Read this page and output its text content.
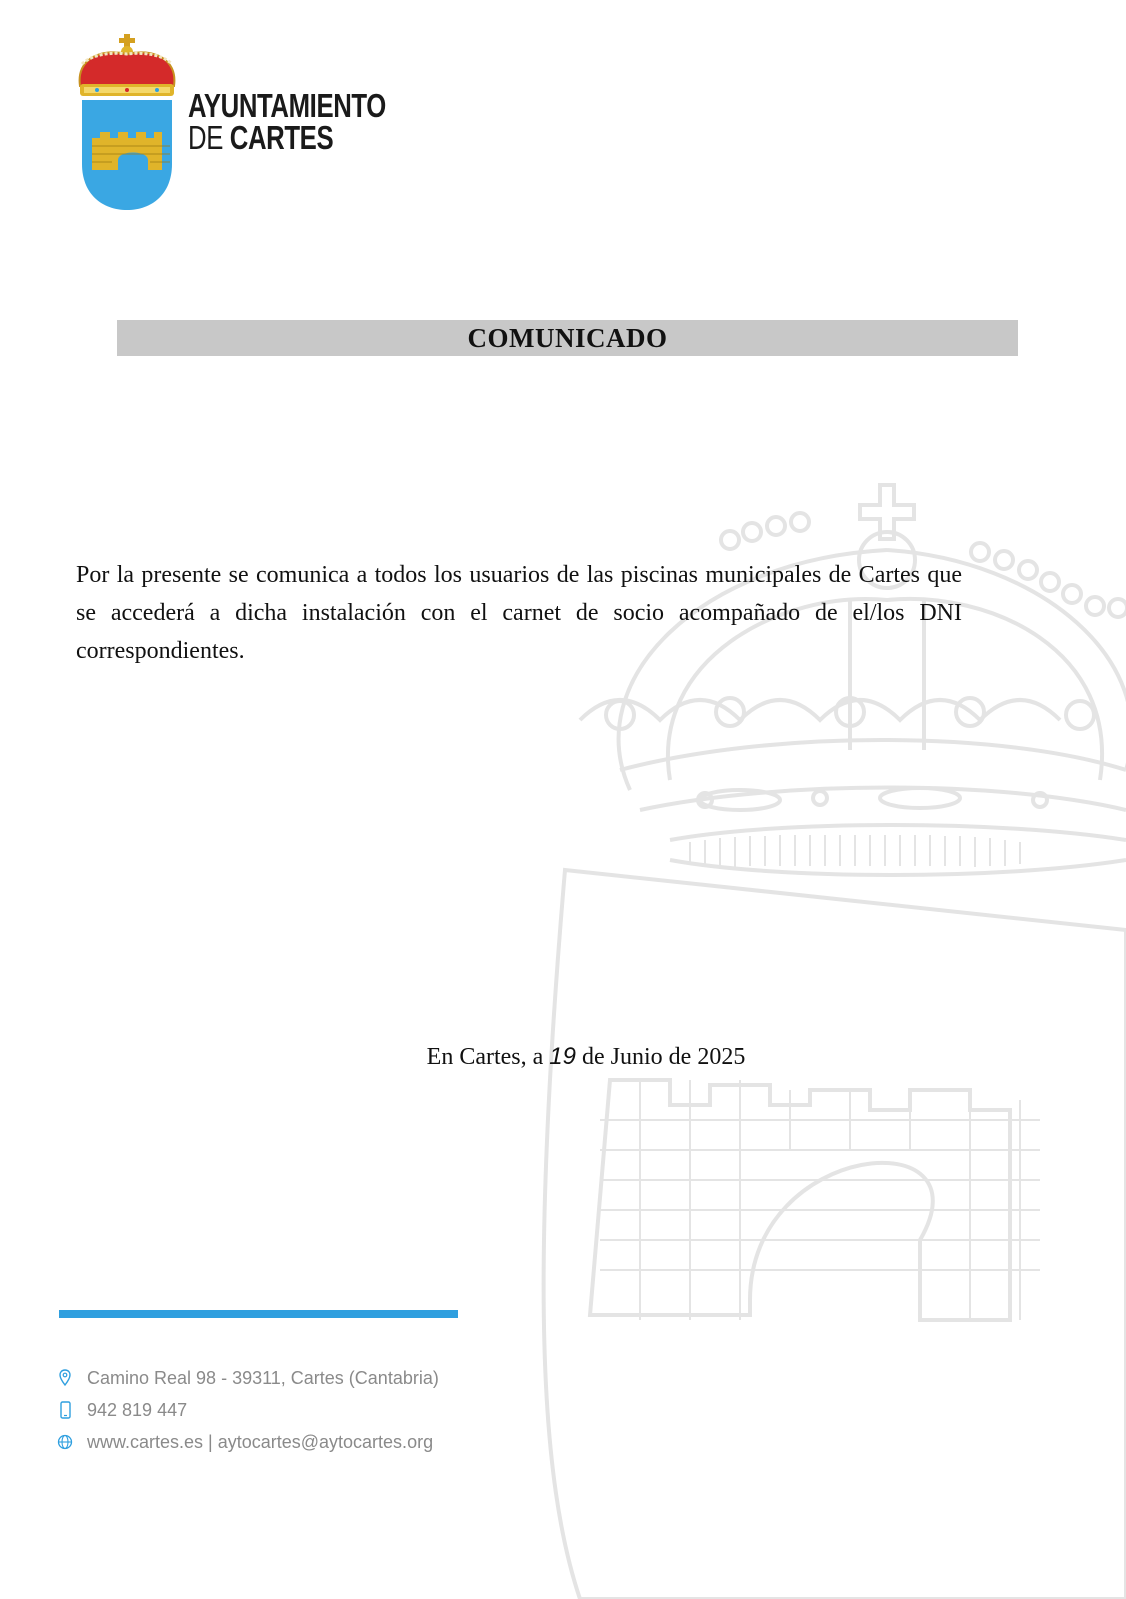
AYUNTAMIENTO
DE CARTES
COMUNICADO
Por la presente se comunica a todos los usuarios de las piscinas municipales de Cartes que se accederá a dicha instalación con el carnet de socio acompañado de el/los DNI correspondientes.
En Cartes, a 19 de Junio de 2025
Camino Real 98 - 39311, Cartes (Cantabria)
942 819 447
www.cartes.es | aytocartes@aytocartes.org
